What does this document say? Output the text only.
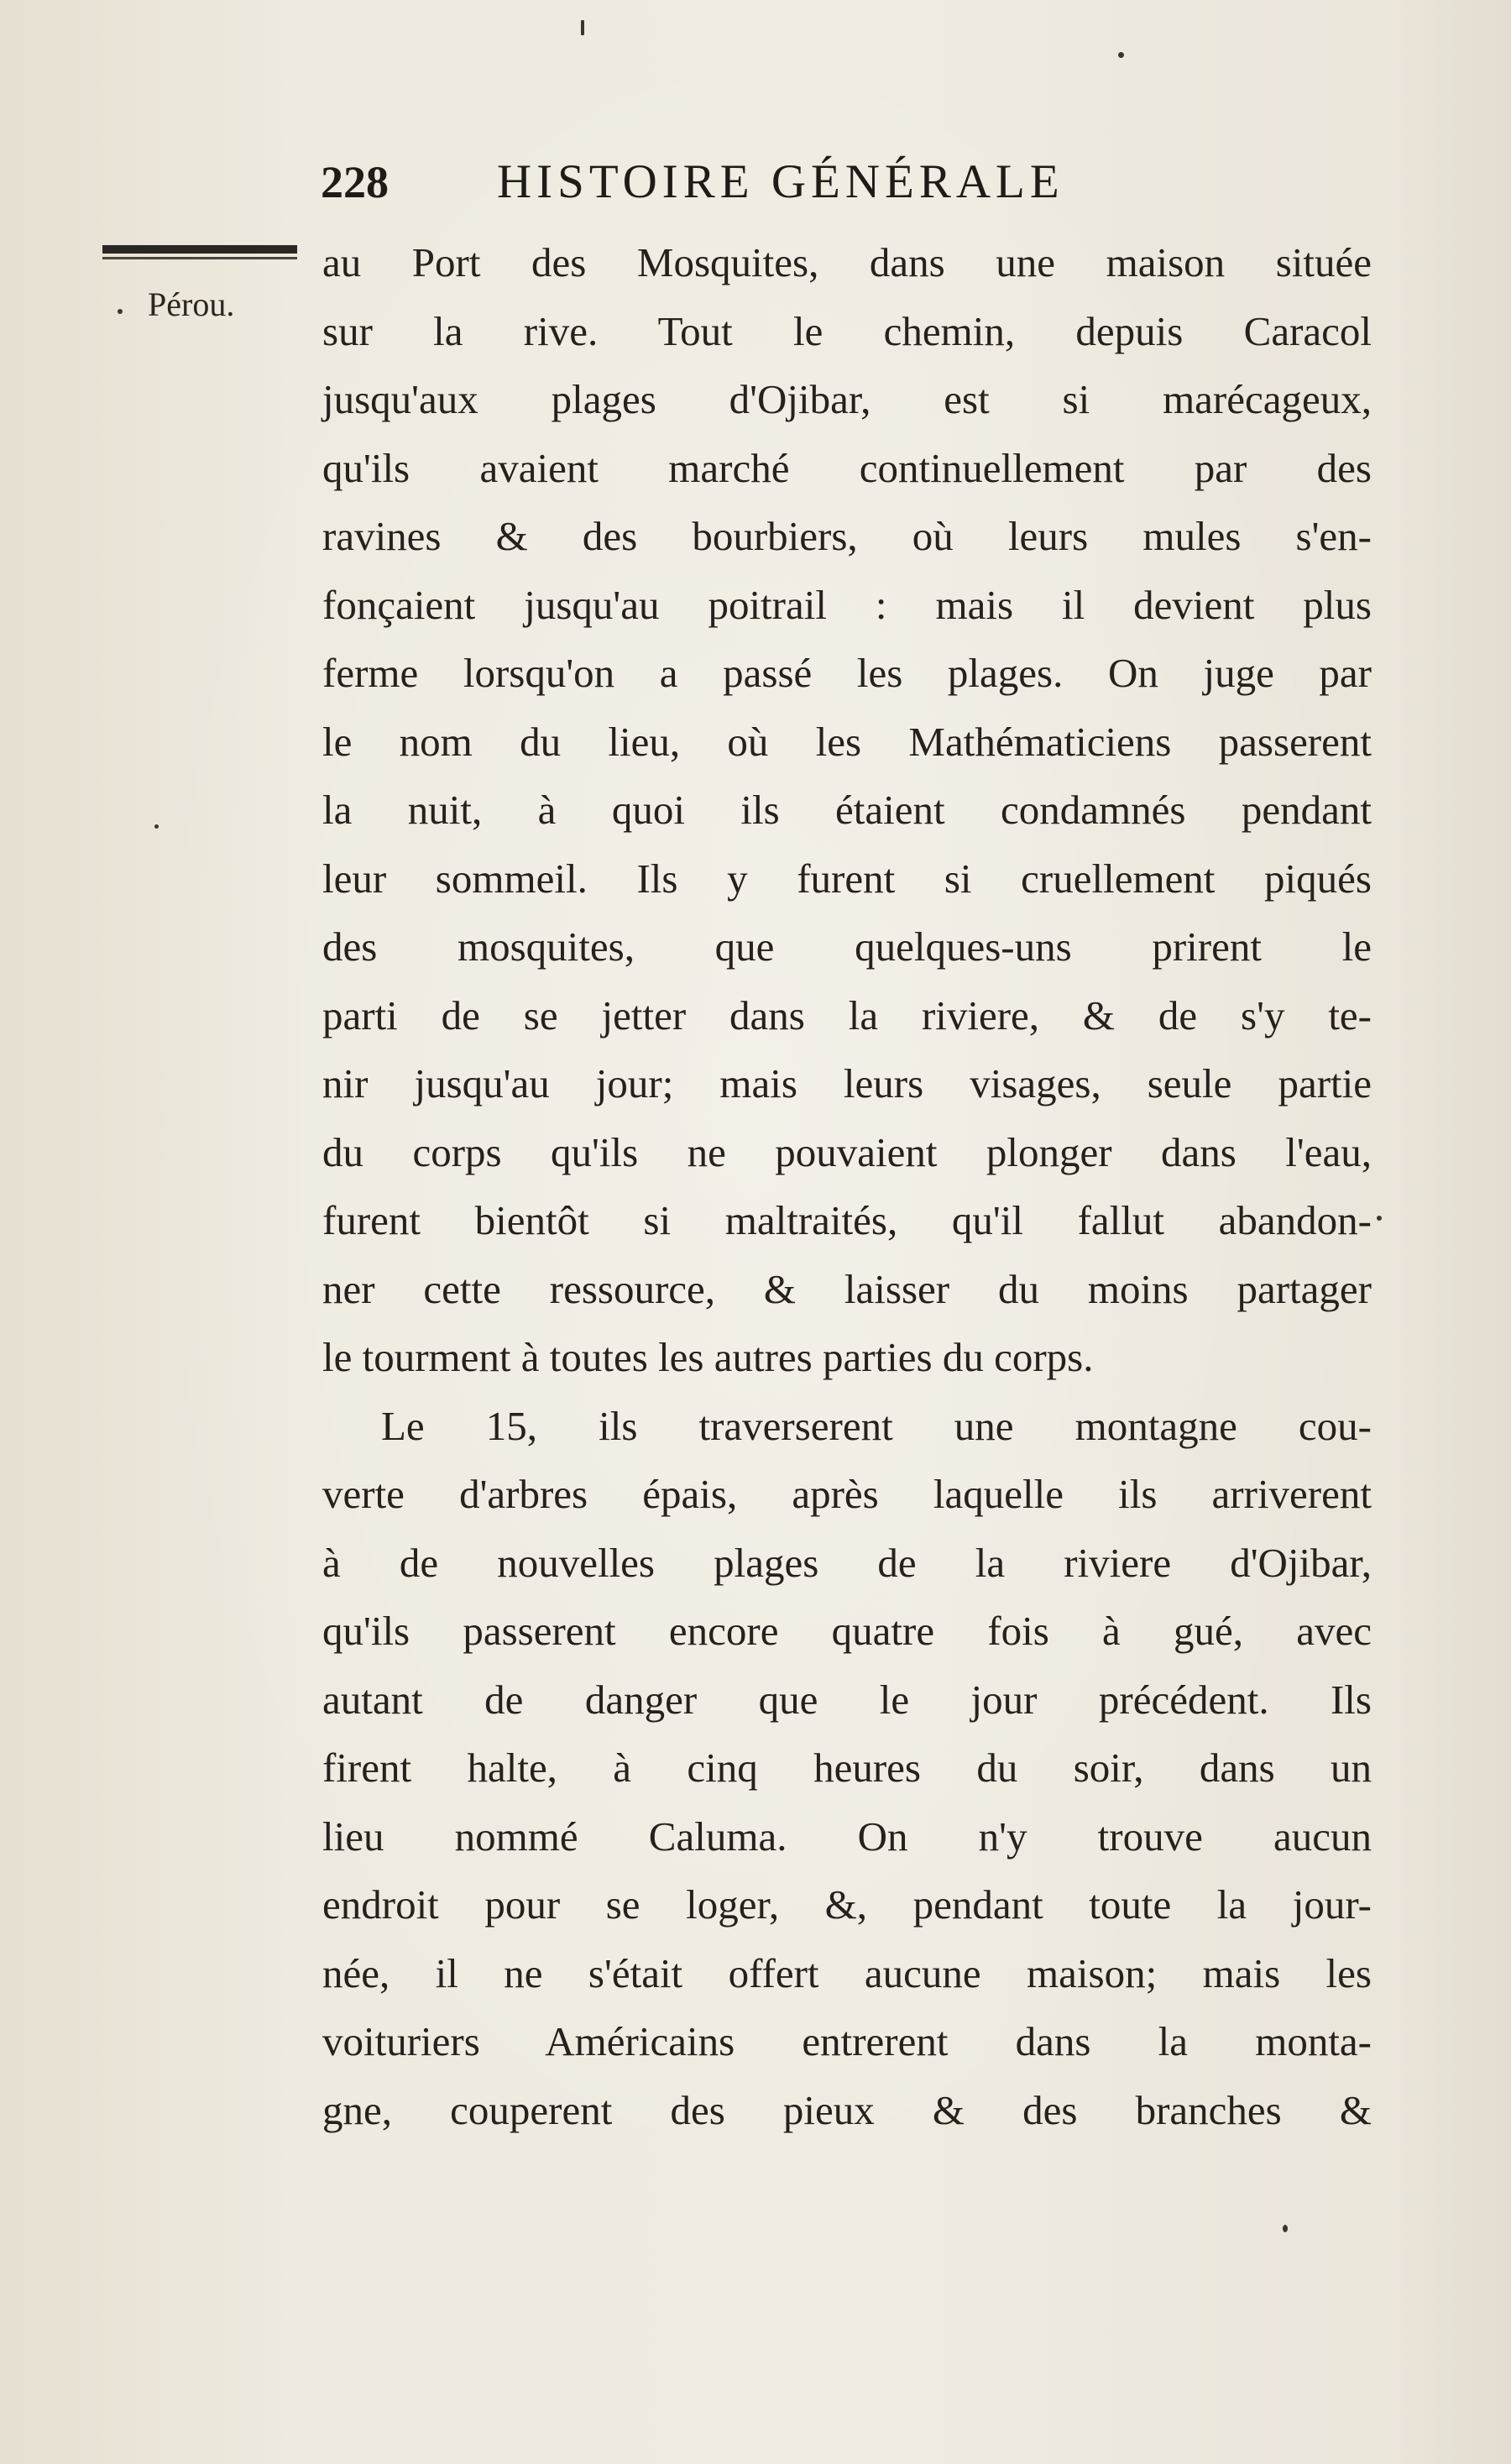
228 HISTOIRE GÉNÉRALE
Pérou.
au Port des Mosquites, dans une maison située
sur la rive. Tout le chemin, depuis Caracol
jusqu'aux plages d'Ojibar, est si marécageux,
qu'ils avaient marché continuellement par des
ravines & des bourbiers, où leurs mules s'en-
fonçaient jusqu'au poitrail : mais il devient plus
ferme lorsqu'on a passé les plages. On juge par
le nom du lieu, où les Mathématiciens passerent
la nuit, à quoi ils étaient condamnés pendant
leur sommeil. Ils y furent si cruellement piqués
des mosquites, que quelques-uns prirent le
parti de se jetter dans la riviere, & de s'y te-
nir jusqu'au jour; mais leurs visages, seule partie
du corps qu'ils ne pouvaient plonger dans l'eau,
furent bientôt si maltraités, qu'il fallut abandon-
ner cette ressource, & laisser du moins partager
le tourment à toutes les autres parties du corps.
Le 15, ils traverserent une montagne cou-
verte d'arbres épais, après laquelle ils arriverent
à de nouvelles plages de la riviere d'Ojibar,
qu'ils passerent encore quatre fois à gué, avec
autant de danger que le jour précédent. Ils
firent halte, à cinq heures du soir, dans un
lieu nommé Caluma. On n'y trouve aucun
endroit pour se loger, &, pendant toute la jour-
née, il ne s'était offert aucune maison; mais les
voituriers Américains entrerent dans la monta-
gne, couperent des pieux & des branches &
